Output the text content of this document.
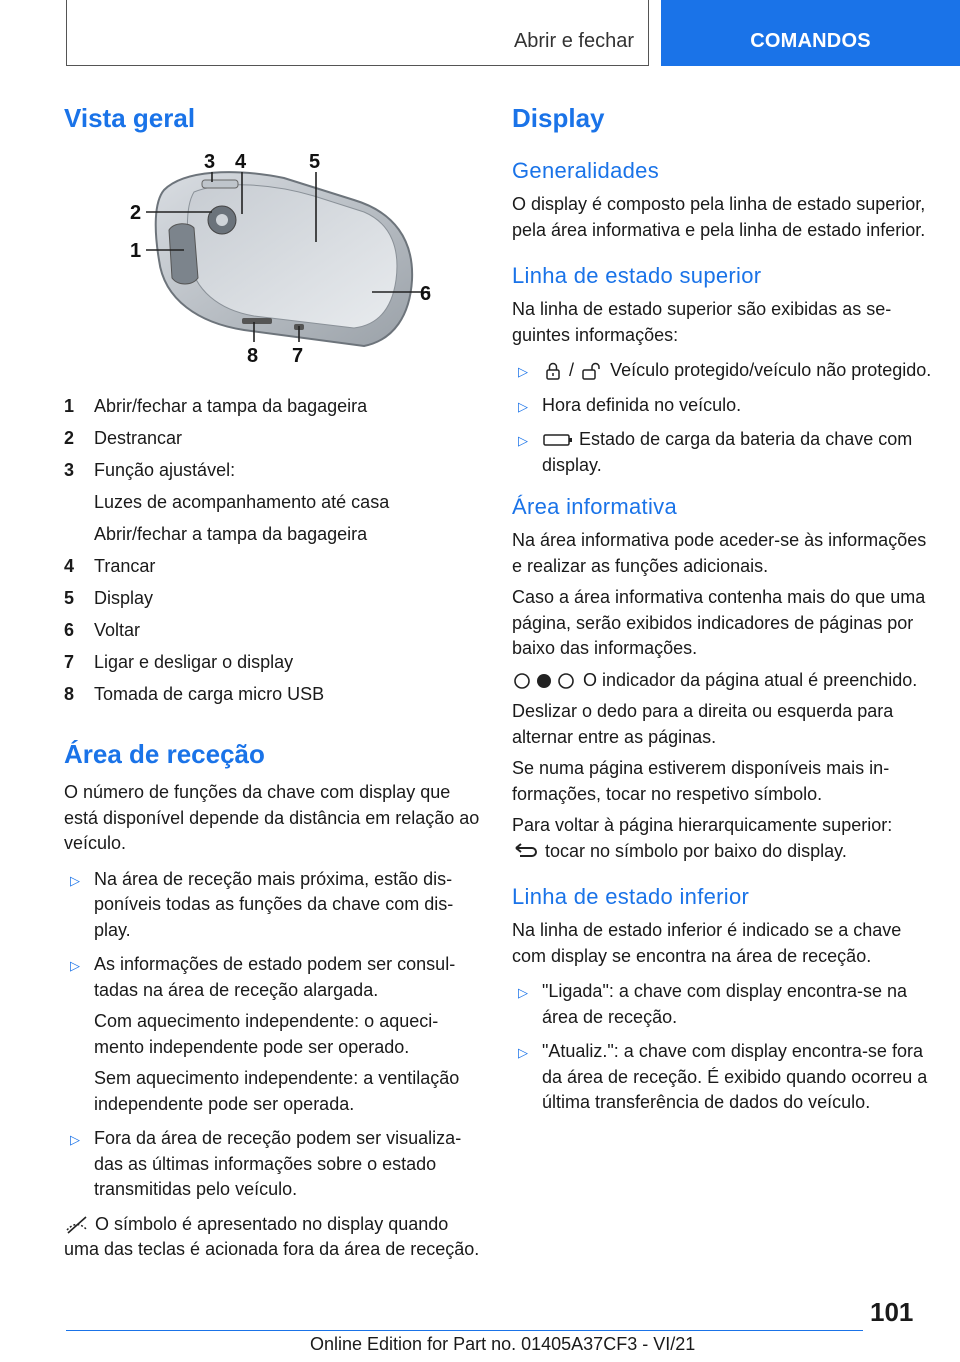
Abrir e fechar	COMANDOS
Vista geral
1
2
3 4	5
6
7
8
1	Abrir/fechar a tampa da bagageira
2	Destrancar
3	Função ajustável:
Luzes de acompanhamento até casa
Abrir/fechar a tampa da bagageira
4	Trancar
5	Display
6	Voltar
7	Ligar e desligar o display
8	Tomada de carga micro USB
Área de receção

O número de funções da chave com display que está disponível depende da distância em relação ao veículo.

▷ Na área de receção mais próxima, estão disponíveis todas as funções da chave com display.
▷ As informações de estado podem ser consultadas na área de receção alargada.

Com aquecimento independente: o aquecimento independente pode ser operado.

Sem aquecimento independente: a ventilação independente pode ser operada.

▷ Fora da área de receção podem ser visualizadas as últimas informações sobre o estado transmitidas pelo veículo.

O símbolo é apresentado no display quando uma das teclas é acionada fora da área de receção.

Display
Generalidades

O display é composto pela linha de estado superior, pela área informativa e pela linha de estado inferior.

Linha de estado superior

Na linha de estado superior são exibidas as seguintes informações:

▷ / Veículo protegido/veículo não protegido.
▷ Hora definida no veículo.
▷	Estado de carga da bateria da chave com display.
Área informativa

Na área informativa pode aceder-se às informações e realizar as funções adicionais.

Caso a área informativa contenha mais do que uma página, serão exibidos indicadores de páginas por baixo das informações.

O indicador da página atual é preenchido.

Deslizar o dedo para a direita ou esquerda para alternar entre as páginas.

Se numa página estiverem disponíveis mais informações, tocar no respetivo símbolo.

Para voltar à página hierarquicamente superior:
tocar no símbolo por baixo do display.

Linha de estado inferior

Na linha de estado inferior é indicado se a chave com display se encontra na área de receção.

▷ "Ligada": a chave com display encontra-se na área de receção.
▷ "Atualiz.": a chave com display encontra-se fora da área de receção. É exibido quando ocorreu a última transferência de dados do veículo.
101
Online Edition for Part no. 01405A37CF3 - VI/21
